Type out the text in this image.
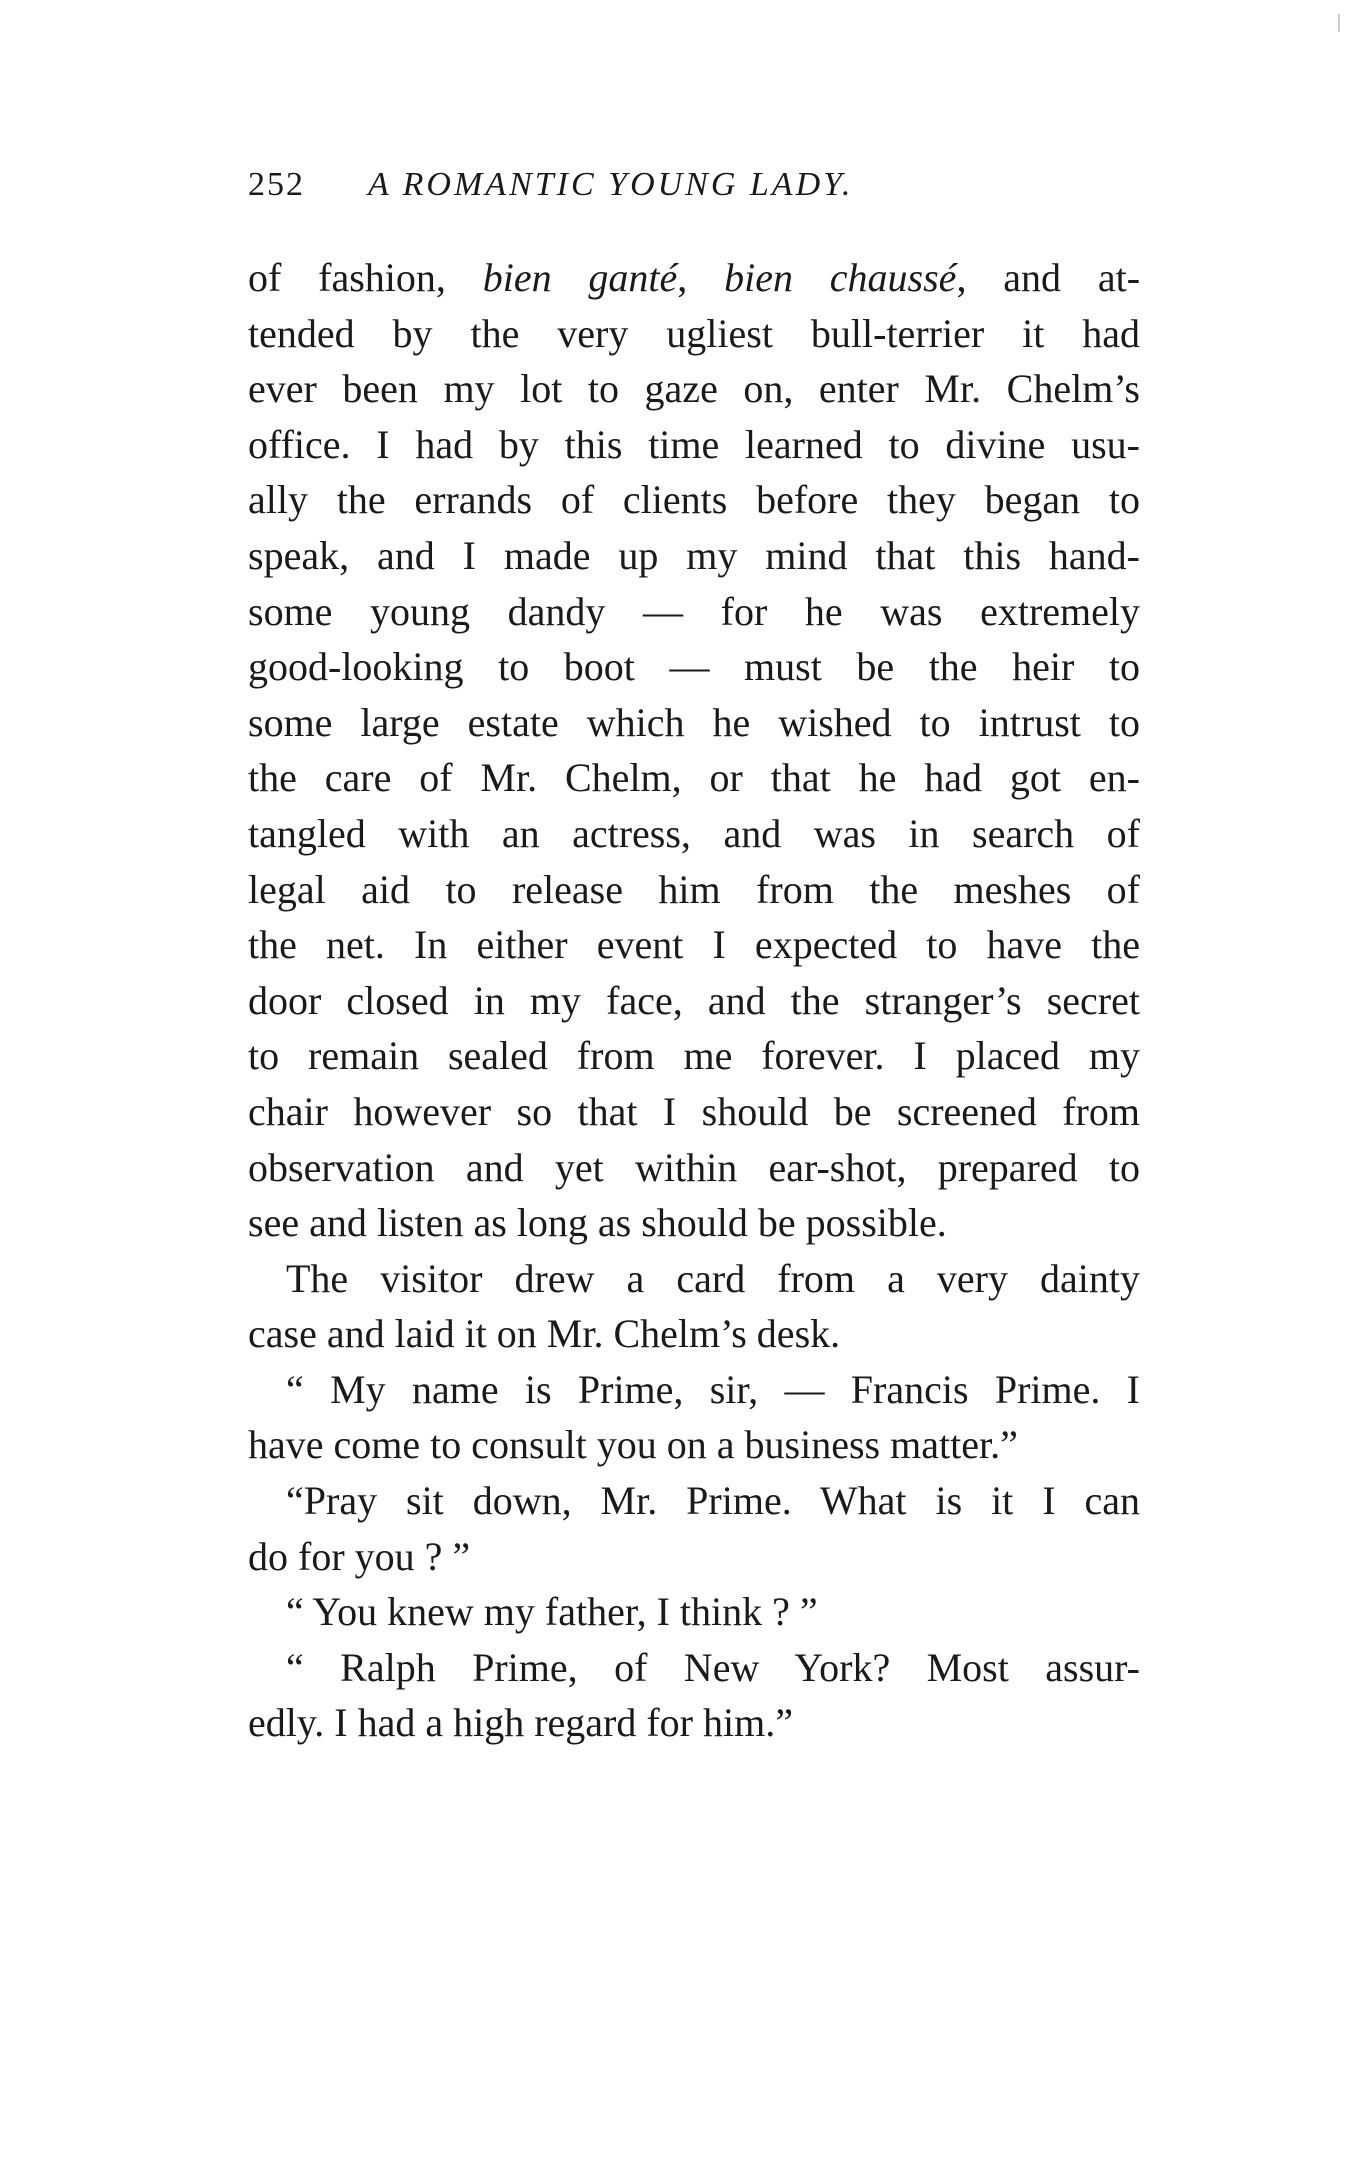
252 A ROMANTIC YOUNG LADY.
of fashion, bien ganté, bien chaussé, and at-
tended by the very ugliest bull-terrier it had
ever been my lot to gaze on, enter Mr. Chelm’s
office. I had by this time learned to divine usu-
ally the errands of clients before they began to
speak, and I made up my mind that this hand-
some young dandy — for he was extremely
good-looking to boot — must be the heir to
some large estate which he wished to intrust to
the care of Mr. Chelm, or that he had got en-
tangled with an actress, and was in search of
legal aid to release him from the meshes of
the net. In either event I expected to have the
door closed in my face, and the stranger’s secret
to remain sealed from me forever. I placed my
chair however so that I should be screened from
observation and yet within ear-shot, prepared to
see and listen as long as should be possible.
The visitor drew a card from a very dainty
case and laid it on Mr. Chelm’s desk.
“ My name is Prime, sir, — Francis Prime. I
have come to consult you on a business matter.”
“Pray sit down, Mr. Prime. What is it I can
do for you ? ”
“ You knew my father, I think ? ”
“ Ralph Prime, of New York? Most assur-
edly. I had a high regard for him.”
